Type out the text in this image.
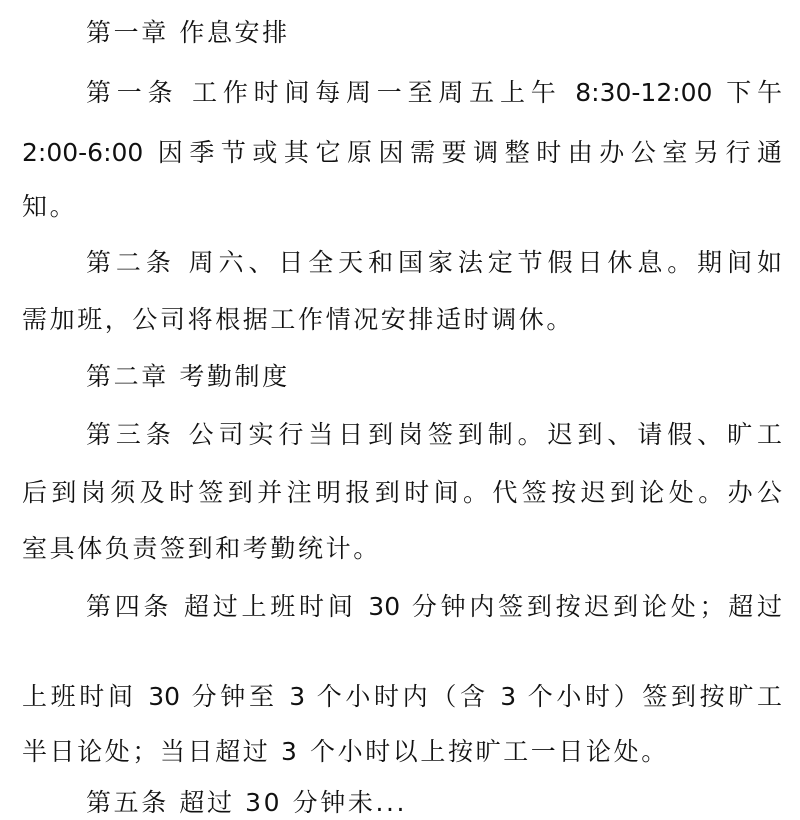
第一章 作息安排
第一条 工作时间每周一至周五上午 8:30-12:00 下午
2:00-6:00 因季节或其它原因需要调整时由办公室另行通
知。
第二条 周六、日全天和国家法定节假日休息。期间如
需加班，公司将根据工作情况安排适时调休。
第二章 考勤制度
第三条 公司实行当日到岗签到制。迟到、请假、旷工
后到岗须及时签到并注明报到时间。代签按迟到论处。办公
室具体负责签到和考勤统计。
第四条 超过上班时间 30 分钟内签到按迟到论处；超过
上班时间 30 分钟至 3 个小时内（含 3 个小时）签到按旷工
半日论处；当日超过 3 个小时以上按旷工一日论处。
第五条 超过 30 分钟未...
